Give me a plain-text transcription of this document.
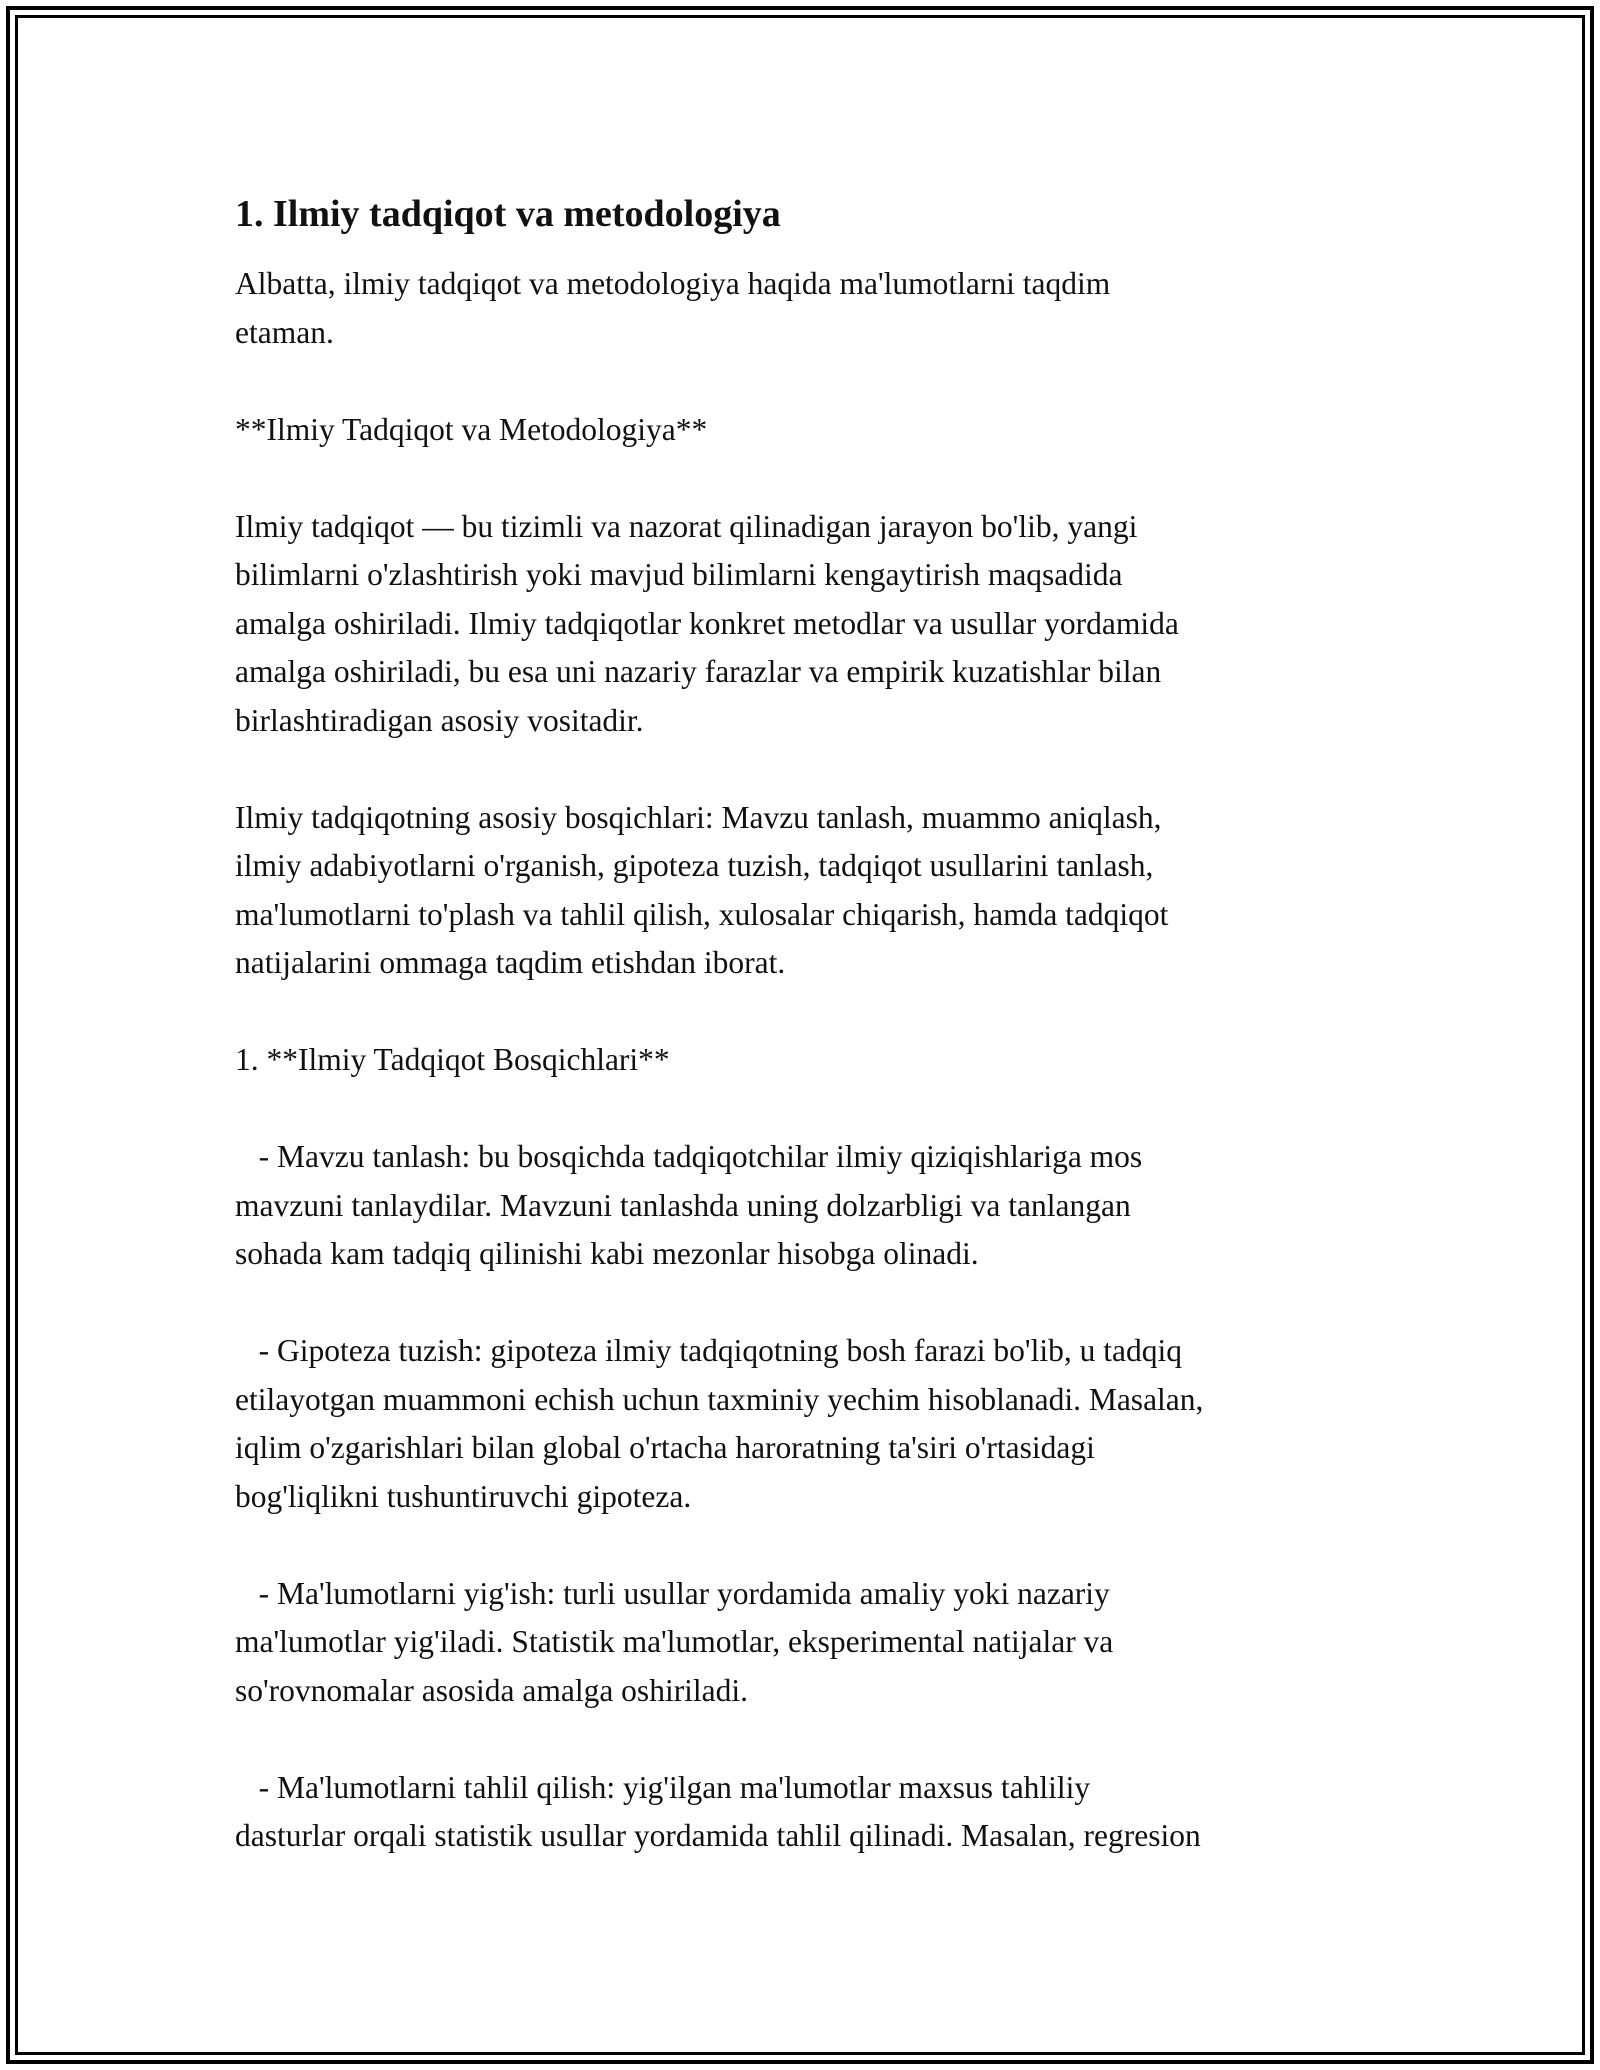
1. Ilmiy tadqiqot va metodologiya

Albatta, ilmiy tadqiqot va metodologiya haqida ma'lumotlarni taqdim
etaman.

**Ilmiy Tadqiqot va Metodologiya**

Ilmiy tadqiqot — bu tizimli va nazorat qilinadigan jarayon bo'lib, yangi
bilimlarni o'zlashtirish yoki mavjud bilimlarni kengaytirish maqsadida
amalga oshiriladi. Ilmiy tadqiqotlar konkret metodlar va usullar yordamida
amalga oshiriladi, bu esa uni nazariy farazlar va empirik kuzatishlar bilan
birlashtiradigan asosiy vositadir.

Ilmiy tadqiqotning asosiy bosqichlari: Mavzu tanlash, muammo aniqlash,
ilmiy adabiyotlarni o'rganish, gipoteza tuzish, tadqiqot usullarini tanlash,
ma'lumotlarni to'plash va tahlil qilish, xulosalar chiqarish, hamda tadqiqot
natijalarini ommaga taqdim etishdan iborat.

1. **Ilmiy Tadqiqot Bosqichlari**

- Mavzu tanlash: bu bosqichda tadqiqotchilar ilmiy qiziqishlariga mos
mavzuni tanlaydilar. Mavzuni tanlashda uning dolzarbligi va tanlangan
sohada kam tadqiq qilinishi kabi mezonlar hisobga olinadi.

- Gipoteza tuzish: gipoteza ilmiy tadqiqotning bosh farazi bo'lib, u tadqiq
etilayotgan muammoni echish uchun taxminiy yechim hisoblanadi. Masalan,
iqlim o'zgarishlari bilan global o'rtacha haroratning ta'siri o'rtasidagi
bog'liqlikni tushuntiruvchi gipoteza.

- Ma'lumotlarni yig'ish: turli usullar yordamida amaliy yoki nazariy
ma'lumotlar yig'iladi. Statistik ma'lumotlar, eksperimental natijalar va
so'rovnomalar asosida amalga oshiriladi.

- Ma'lumotlarni tahlil qilish: yig'ilgan ma'lumotlar maxsus tahliliy
dasturlar orqali statistik usullar yordamida tahlil qilinadi. Masalan, regresion
